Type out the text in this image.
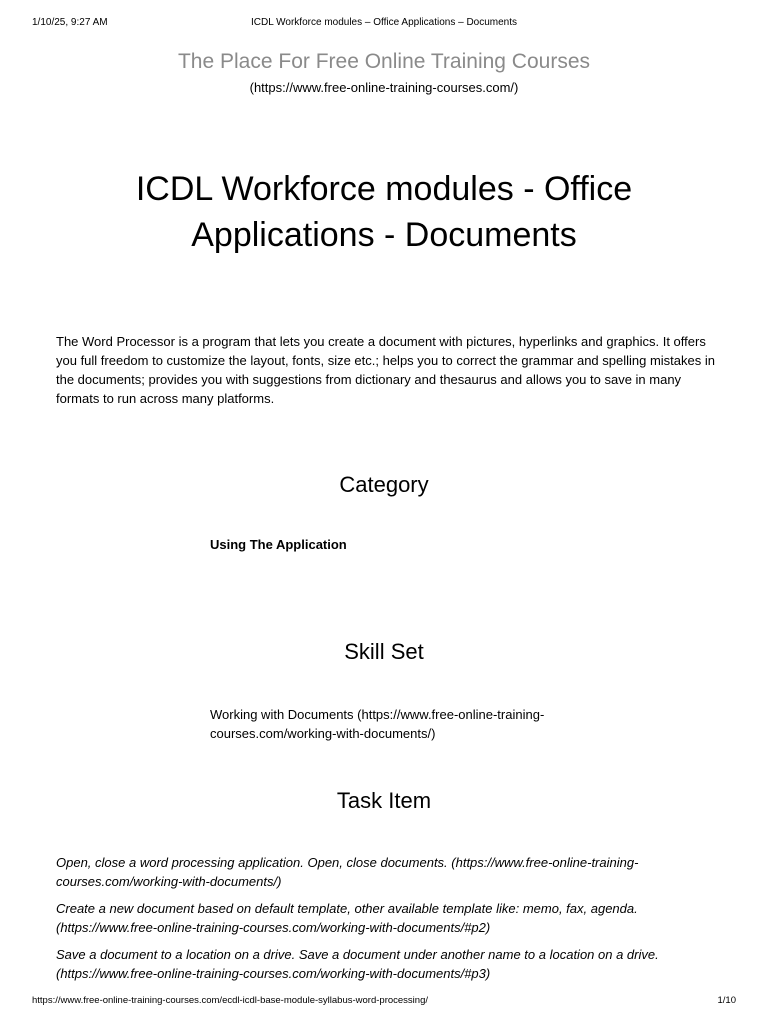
1/10/25, 9:27 AM	ICDL Workforce modules – Office Applications – Documents
The Place For Free Online Training Courses
(https://www.free-online-training-courses.com/)
ICDL Workforce modules - Office Applications - Documents

The Word Processor is a program that lets you create a document with pictures, hyperlinks and graphics. It offers you full freedom to customize the layout, fonts, size etc.; helps you to correct the grammar and spelling mistakes in the documents; provides you with suggestions from dictionary and thesaurus and allows you to save in many formats to run across many platforms.

Category
Using The Application
Skill Set
Working with Documents (https://www.free-online-training-courses.com/working-with-documents/)
Task Item
Open, close a word processing application. Open, close documents. (https://www.free-online-training-courses.com/working-with-documents/)
Create a new document based on default template, other available template like: memo, fax, agenda. (https://www.free-online-training-courses.com/working-with-documents/#p2)
Save a document to a location on a drive. Save a document under another name to a location on a drive. (https://www.free-online-training-courses.com/working-with-documents/#p3)
https://www.free-online-training-courses.com/ecdl-icdl-base-module-syllabus-word-processing/	1/10
